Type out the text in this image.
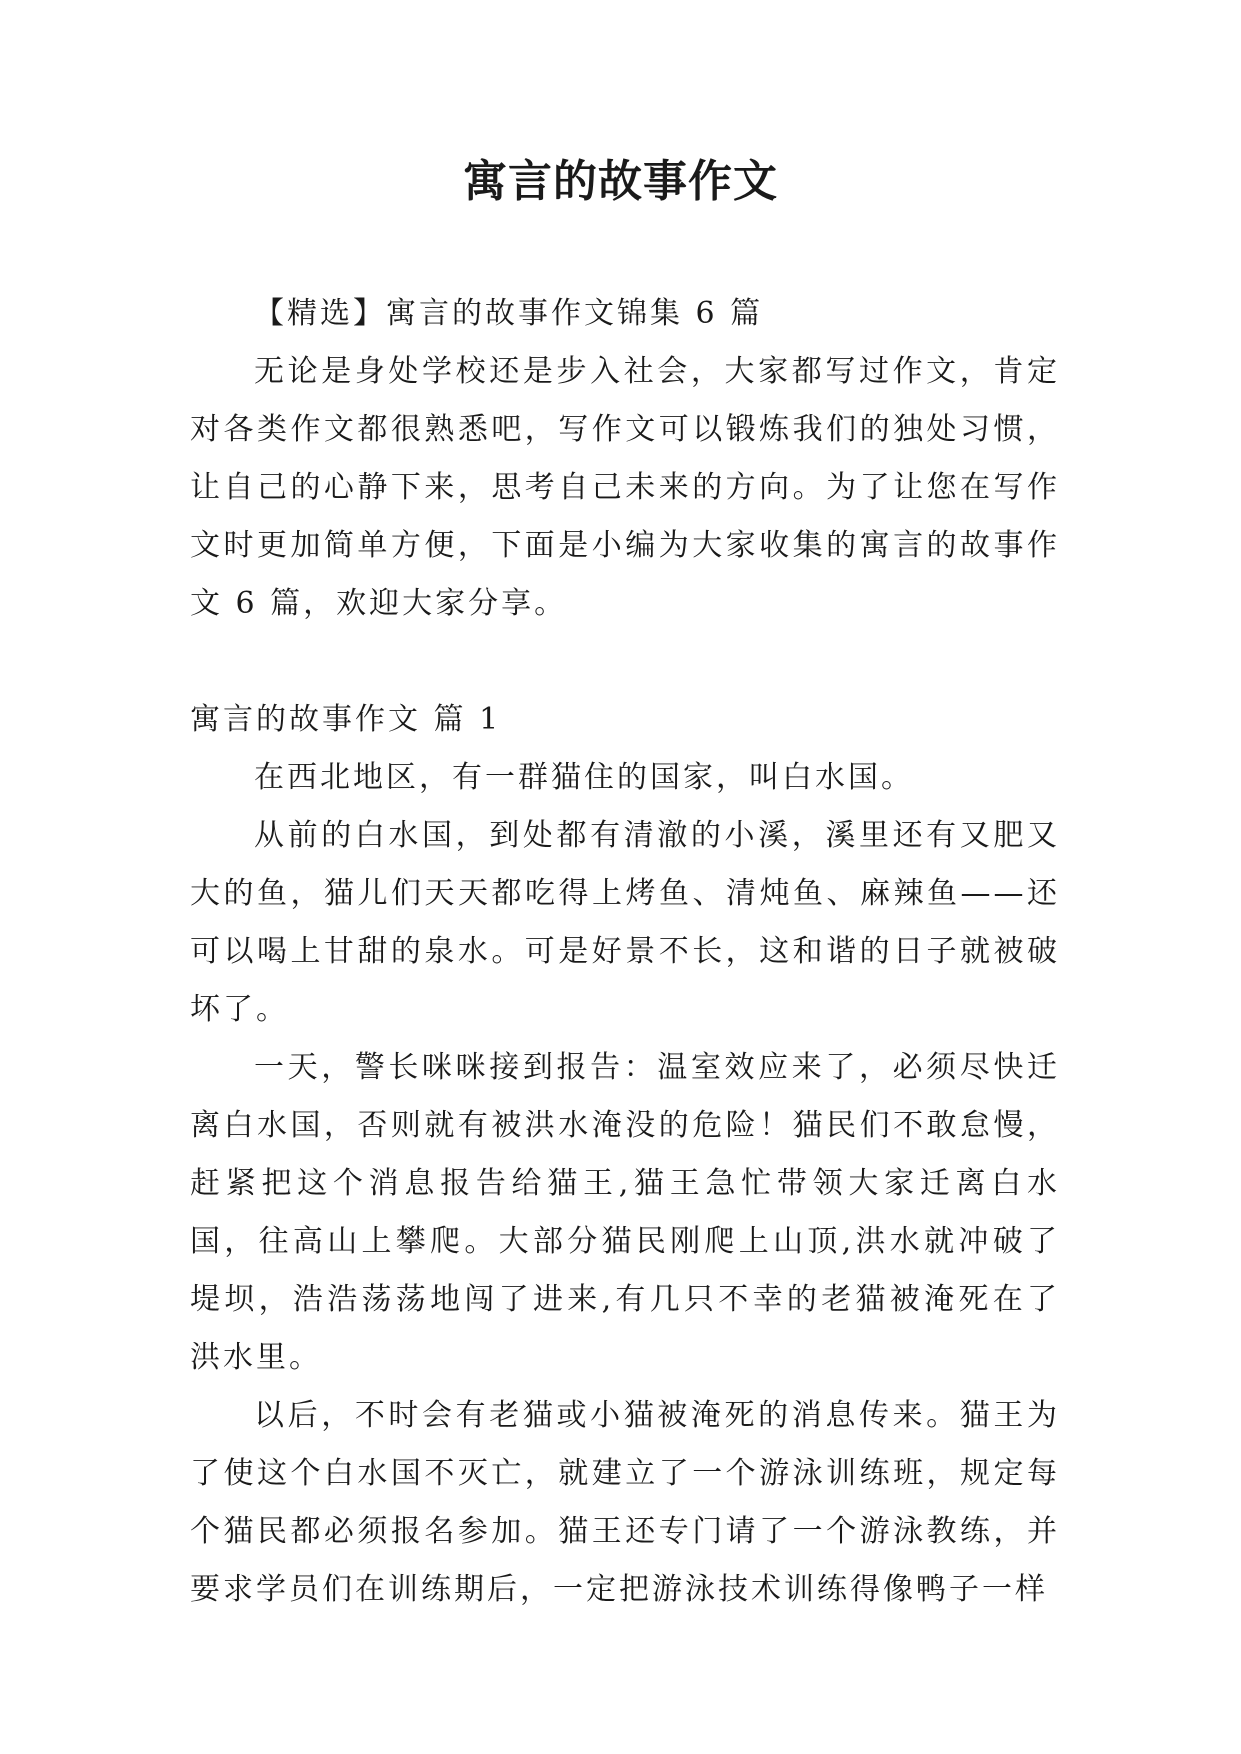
寓言的故事作文

【精选】寓言的故事作文锦集 6 篇

无论是身处学校还是步入社会，大家都写过作文，肯定对各类作文都很熟悉吧，写作文可以锻炼我们的独处习惯，让自己的心静下来，思考自己未来的方向。为了让您在写作文时更加简单方便，下面是小编为大家收集的寓言的故事作文 6 篇，欢迎大家分享。

寓言的故事作文 篇 1

在西北地区，有一群猫住的国家，叫白水国。

从前的白水国，到处都有清澈的小溪，溪里还有又肥又大的鱼，猫儿们天天都吃得上烤鱼、清炖鱼、麻辣鱼——还可以喝上甘甜的泉水。可是好景不长，这和谐的日子就被破坏了。

一天，警长咪咪接到报告：温室效应来了，必须尽快迁离白水国，否则就有被洪水淹没的危险！猫民们不敢怠慢，赶紧把这个消息报告给猫王,猫王急忙带领大家迁离白水国，往高山上攀爬。大部分猫民刚爬上山顶,洪水就冲破了堤坝，浩浩荡荡地闯了进来,有几只不幸的老猫被淹死在了洪水里。

以后，不时会有老猫或小猫被淹死的消息传来。猫王为了使这个白水国不灭亡，就建立了一个游泳训练班，规定每个猫民都必须报名参加。猫王还专门请了一个游泳教练，并要求学员们在训练期后，一定把游泳技术训练得像鸭子一样
